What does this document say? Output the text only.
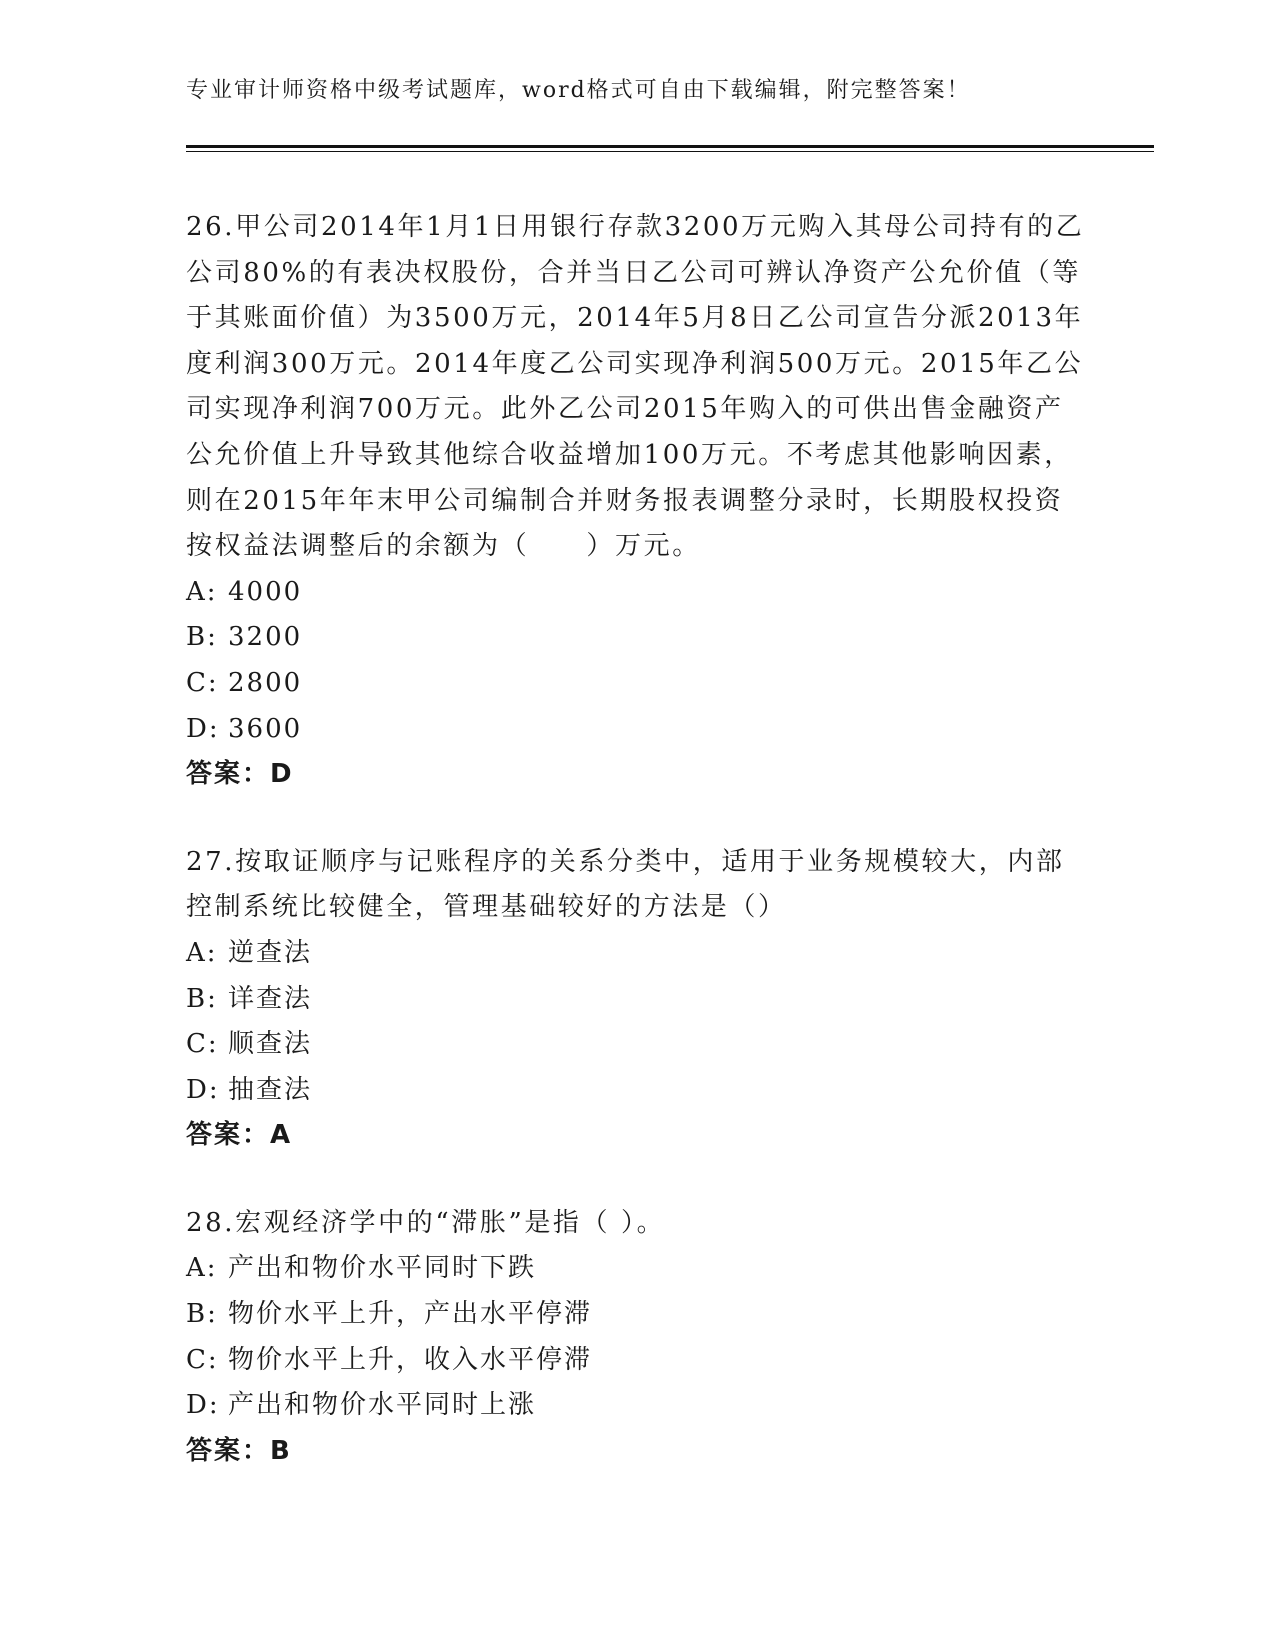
专业审计师资格中级考试题库，word格式可自由下载编辑，附完整答案！

26.甲公司2014年1月1日用银行存款3200万元购入其母公司持有的乙公司80%的有表决权股份，合并当日乙公司可辨认净资产公允价值（等于其账面价值）为3500万元，2014年5月8日乙公司宣告分派2013年度利润300万元。2014年度乙公司实现净利润500万元。2015年乙公司实现净利润700万元。此外乙公司2015年购入的可供出售金融资产公允价值上升导致其他综合收益增加100万元。不考虑其他影响因素，则在2015年年末甲公司编制合并财务报表调整分录时，长期股权投资按权益法调整后的余额为（　　）万元。

A: 4000

B: 3200

C: 2800

D: 3600

答案：D

27.按取证顺序与记账程序的关系分类中，适用于业务规模较大，内部控制系统比较健全，管理基础较好的方法是（）

A: 逆查法

B: 详查法

C: 顺查法

D: 抽查法

答案：A

28.宏观经济学中的“滞胀”是指（ ）。

A: 产出和物价水平同时下跌

B: 物价水平上升，产出水平停滞

C: 物价水平上升，收入水平停滞

D: 产出和物价水平同时上涨

答案：B
